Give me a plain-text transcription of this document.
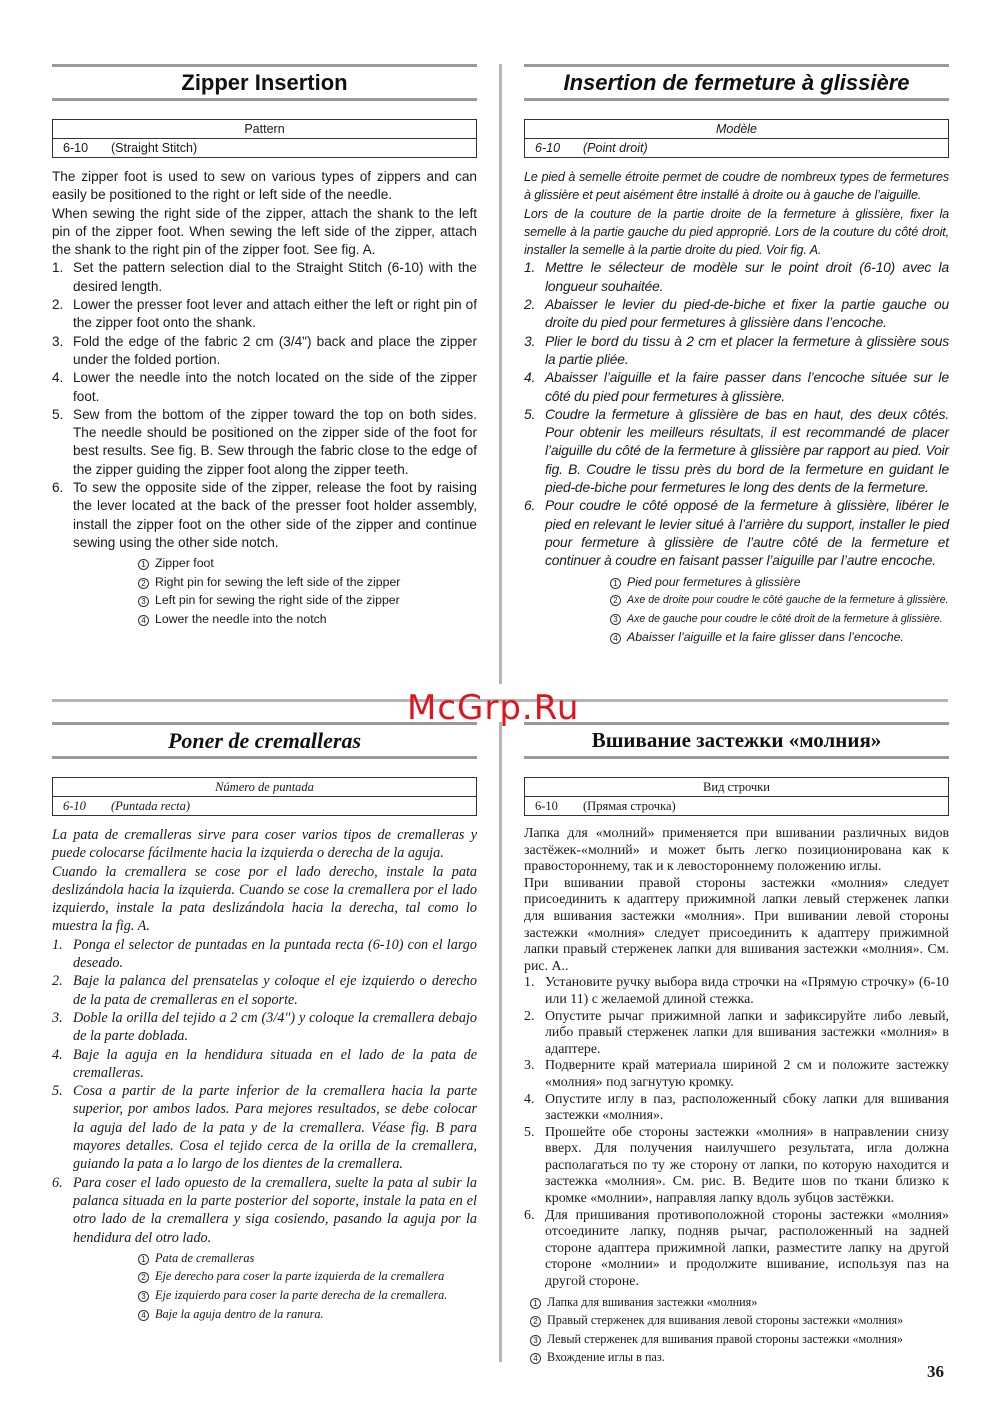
McGrp.Ru
Zipper Insertion
Pattern
6-10 (Straight Stitch)

The zipper foot is used to sew on various types of zippers and can easily be positioned to the right or left side of the needle.

When sewing the right side of the zipper, attach the shank to the left pin of the zipper foot. When sewing the left side of the zipper, attach the shank to the right pin of the zipper foot. See fig. A.

1. Set the pattern selection dial to the Straight Stitch (6-10) with the desired length.
2. Lower the presser foot lever and attach either the left or right pin of the zipper foot onto the shank.
3. Fold the edge of the fabric 2 cm (3/4") back and place the zipper under the folded portion.
4. Lower the needle into the notch located on the side of the zipper foot.
5. Sew from the bottom of the zipper toward the top on both sides. The needle should be positioned on the zipper side of the foot for best results. See fig. B. Sew through the fabric close to the edge of the zipper guiding the zipper foot along the zipper teeth.
6. To sew the opposite side of the zipper, release the foot by raising the lever located at the back of the presser foot holder assembly, install the zipper foot on the other side of the zipper and continue sewing using the other side notch.
1 Zipper foot
2 Right pin for sewing the left side of the zipper
3 Left pin for sewing the right side of the zipper
4 Lower the needle into the notch
Insertion de fermeture à glissière
Modèle
6-10 (Point droit)

Le pied à semelle étroite permet de coudre de nombreux types de fermetures à glissière et peut aisément être installé à droite ou à gauche de l’aiguille.

Lors de la couture de la partie droite de la fermeture à glissière, fixer la semelle à la partie gauche du pied approprié. Lors de la couture du côté droit, installer la semelle à la partie droite du pied. Voir fig. A.

1. Mettre le sélecteur de modèle sur le point droit (6-10) avec la longueur souhaitée.
2. Abaisser le levier du pied-de-biche et fixer la partie gauche ou droite du pied pour fermetures à glissière dans l’encoche.
3. Plier le bord du tissu à 2 cm et placer la fermeture à glissière sous la partie pliée.
4. Abaisser l’aiguille et la faire passer dans l’encoche située sur le côté du pied pour fermetures à glissière.
5. Coudre la fermeture à glissière de bas en haut, des deux côtés. Pour obtenir les meilleurs résultats, il est recommandé de placer l’aiguille du côté de la fermeture à glissière par rapport au pied. Voir fig. B. Coudre le tissu près du bord de la fermeture en guidant le pied-de-biche pour fermetures le long des dents de la fermeture.
6. Pour coudre le côté opposé de la fermeture à glissière, libérer le pied en relevant le levier situé à l’arrière du support, installer le pied pour fermeture à glissière de l’autre côté de la fermeture et continuer à coudre en faisant passer l’aiguille par l’autre encoche.
1 Pied pour fermetures à glissière
2 Axe de droite pour coudre le côté gauche de la fermeture à glissière.
3 Axe de gauche pour coudre le côté droit de la fermeture à glissière.
4 Abaisser l’aiguille et la faire glisser dans l’encoche.
Poner de cremalleras
Número de puntada
6-10 (Puntada recta)

La pata de cremalleras sirve para coser varios tipos de cremalleras y puede colocarse fácilmente hacia la izquierda o derecha de la aguja.

Cuando la cremallera se cose por el lado derecho, instale la pata deslizándola hacia la izquierda. Cuando se cose la cremallera por el lado izquierdo, instale la pata deslizándola hacia la derecha, tal como lo muestra la fig. A.

1. Ponga el selector de puntadas en la puntada recta (6-10) con el largo deseado.
2. Baje la palanca del prensatelas y coloque el eje izquierdo o derecho de la pata de cremalleras en el soporte.
3. Doble la orilla del tejido a 2 cm (3/4") y coloque la cremallera debajo de la parte doblada.
4. Baje la aguja en la hendidura situada en el lado de la pata de cremalleras.
5. Cosa a partir de la parte inferior de la cremallera hacia la parte superior, por ambos lados. Para mejores resultados, se debe colocar la aguja del lado de la pata y de la cremallera. Véase fig. B para mayores detalles. Cosa el tejido cerca de la orilla de la cremallera, guiando la pata a lo largo de los dientes de la cremallera.
6. Para coser el lado opuesto de la cremallera, suelte la pata al subir la palanca situada en la parte posterior del soporte, instale la pata en el otro lado de la cremallera y siga cosiendo, pasando la aguja por la hendidura del otro lado.
1 Pata de cremalleras
2 Eje derecho para coser la parte izquierda de la cremallera
3 Eje izquierdo para coser la parte derecha de la cremallera.
4 Baje la aguja dentro de la ranura.
Вшивание застежки «молния»
Вид строчки
6-10 (Прямая строчка)

Лапка для «молний» применяется при вшивании различных видов застёжек-«молний» и может быть легко позиционирована как к правостороннему, так и к левостороннему положению иглы.

При вшивании правой стороны застежки «молния» следует присоединить к адаптеру прижимной лапки левый стерженек лапки для вшивания застежки «молния». При вшивании левой стороны застежки «молния» следует присоединить к адаптеру прижимной лапки правый стерженек лапки для вшивания застежки «молния». См. рис. А..

1. Установите ручку выбора вида строчки на «Прямую строчку» (6-10 или 11) с желаемой длиной стежка.
2. Опустите рычаг прижимной лапки и зафиксируйте либо левый, либо правый стерженек лапки для вшивания застежки «молния» в адаптере.
3. Подверните край материала шириной 2 см и положите застежку «молния» под загнутую кромку.
4. Опустите иглу в паз, расположенный сбоку лапки для вшивания застежки «молния».
5. Прошейте обе стороны застежки «молния» в направлении снизу вверх. Для получения наилучшего результата, игла должна располагаться по ту же сторону от лапки, по которую находится и застежка «молния». См. рис. В. Ведите шов по ткани близко к кромке «молнии», направляя лапку вдоль зубцов застёжки.
6. Для пришивания противоположной стороны застежки «молния» отсоедините лапку, подняв рычаг, расположенный на задней стороне адаптера прижимной лапки, разместите лапку на другой стороне «молнии» и продолжите вшивание, используя паз на другой стороне.
1 Лапка для вшивания застежки «молния»
2 Правый стерженек для вшивания левой стороны застежки «молния»
3 Левый стерженек для вшивания правой стороны застежки «молния»
4 Вхождение иглы в паз.
36
